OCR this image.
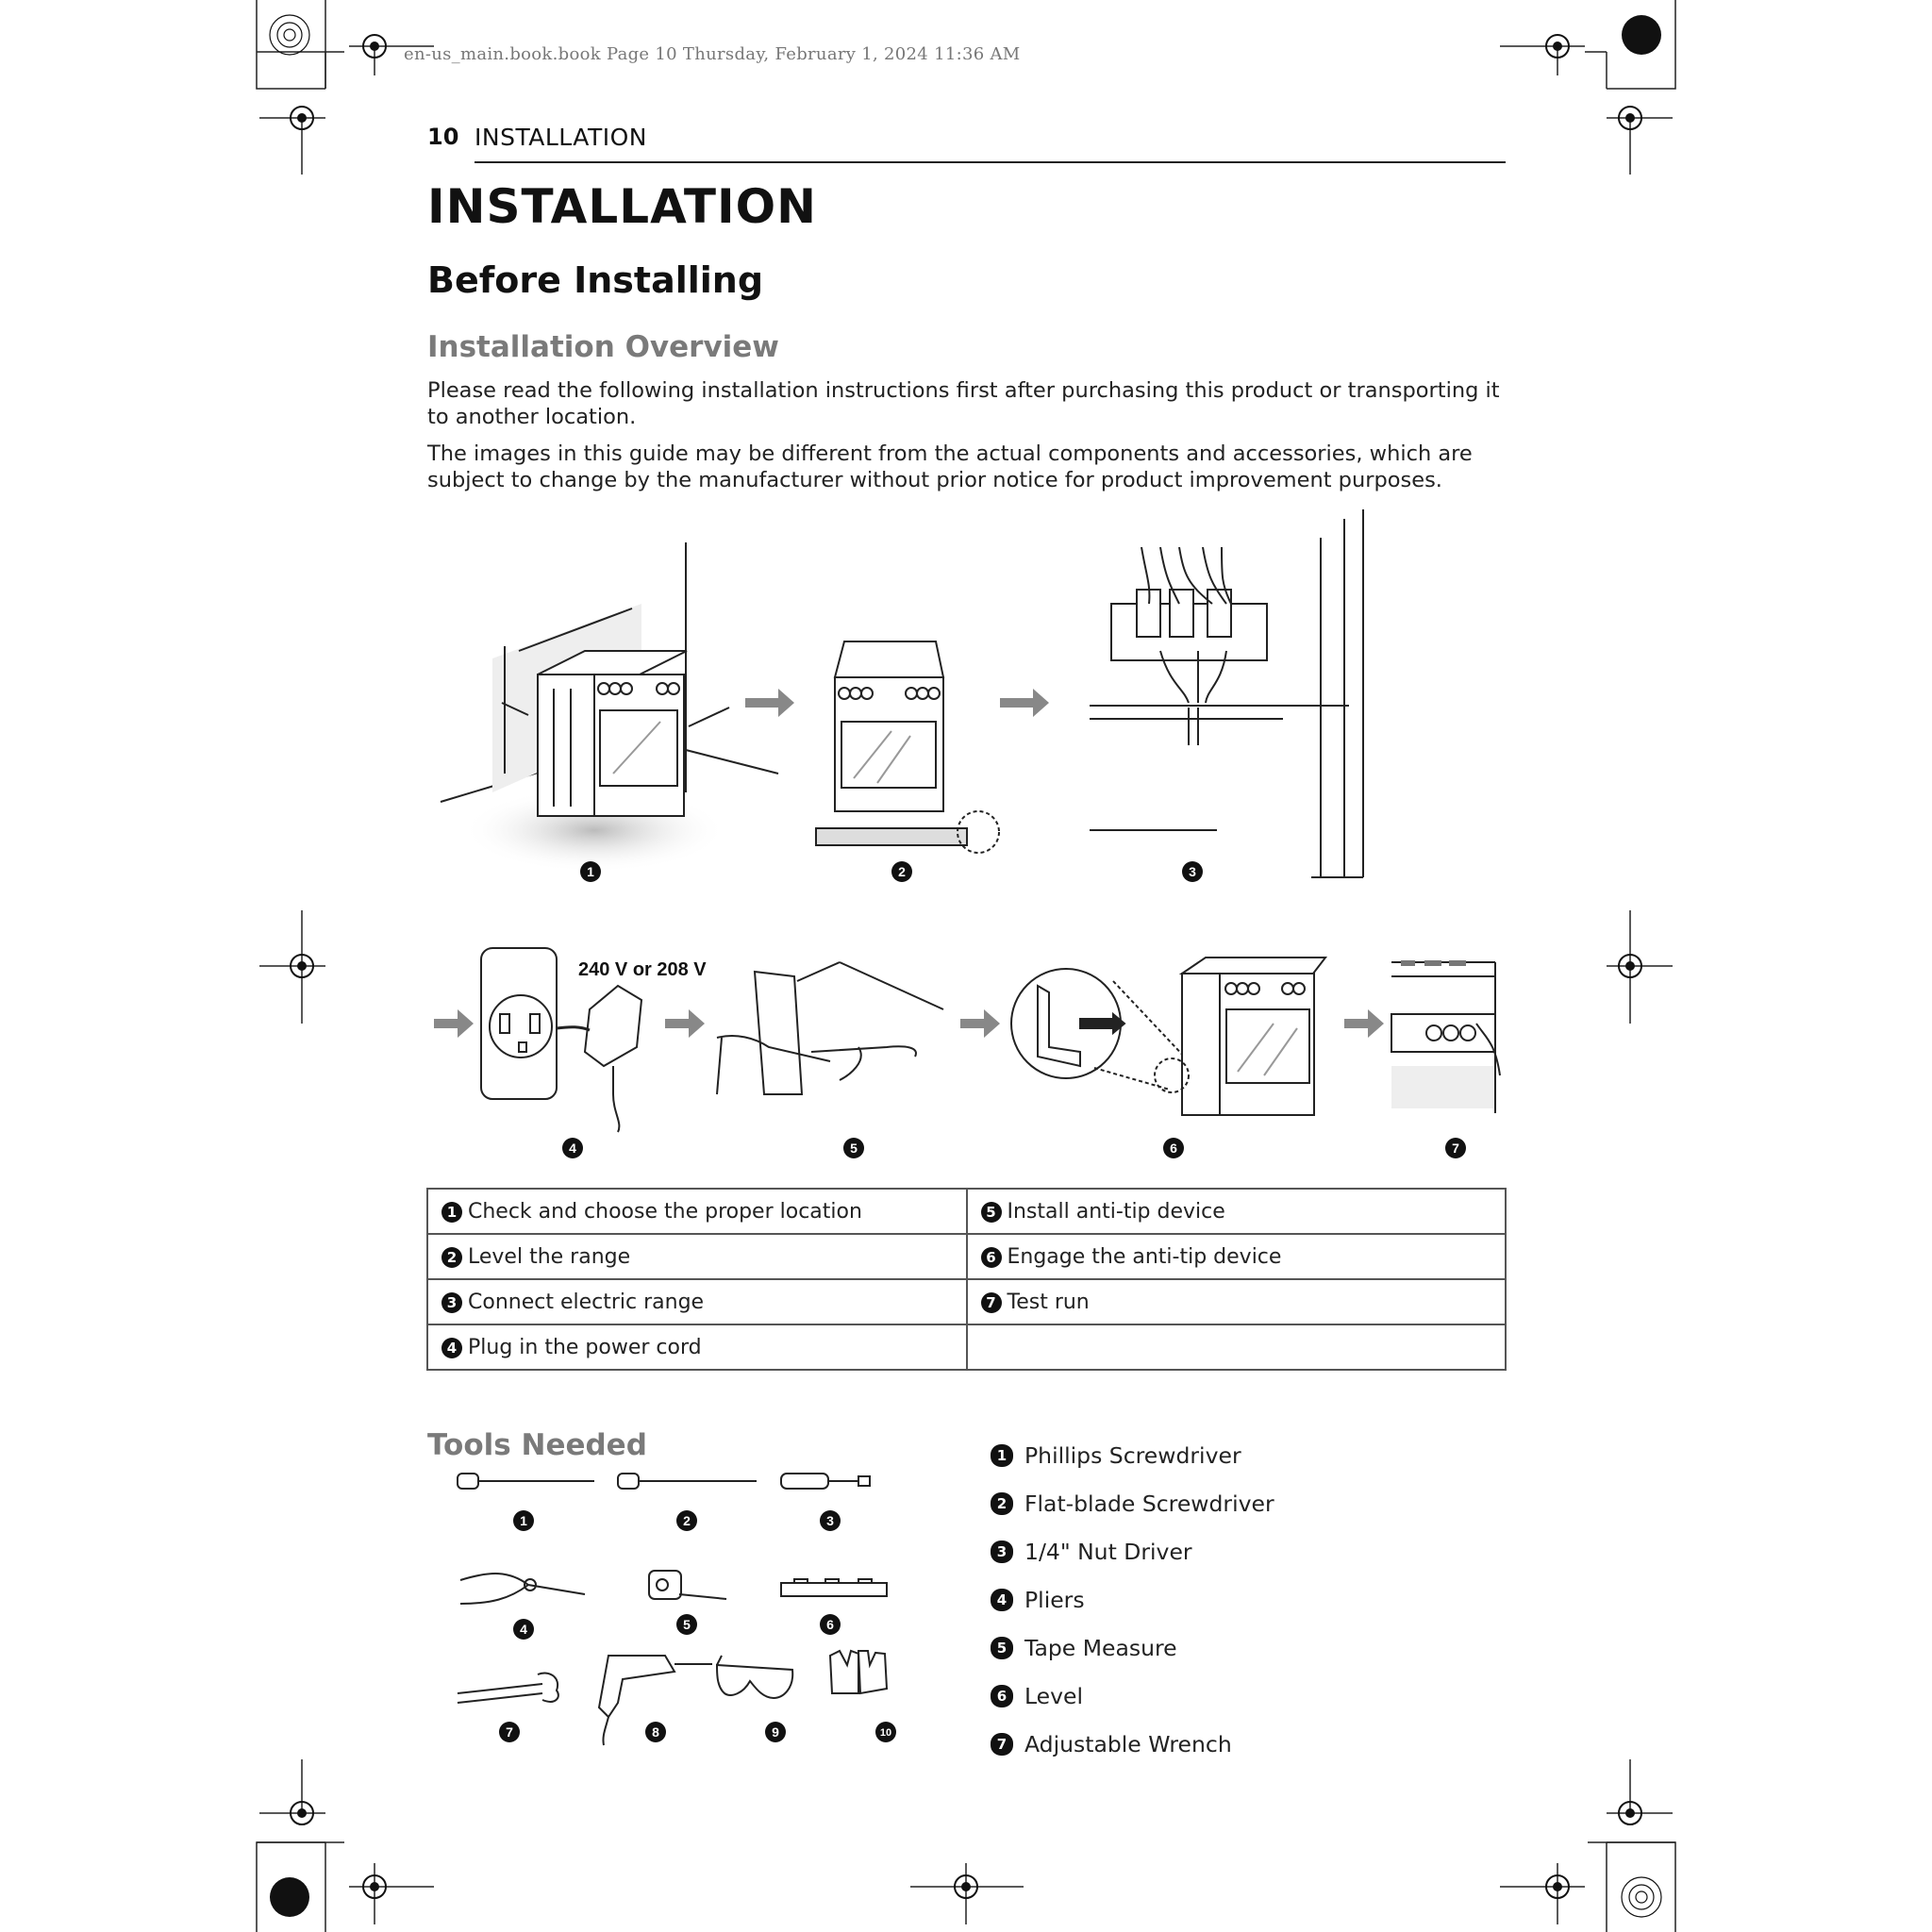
en-us_main.book.book Page 10 Thursday, February 1, 2024 11:36 AM
10 INSTALLATION
INSTALLATION
Before Installing
Installation Overview
Please read the following installation instructions first after purchasing this product or transporting it to another location.
The images in this guide may be different from the actual components and accessories, which are subject to change by the manufacturer without prior notice for product improvement purposes.
240 V or 208 V
1	2	3
4	5	6	7
1 Check and choose the proper location	5 Install anti-tip device
2 Level the range	6 Engage the anti-tip device
3 Connect electric range	7 Test run
4 Plug in the power cord	
Tools Needed
1	2	3
4	5	6
7	8	9	10
1 Phillips Screwdriver
2 Flat-blade Screwdriver
3 1/4" Nut Driver
4 Pliers
5 Tape Measure
6 Level
7 Adjustable Wrench
